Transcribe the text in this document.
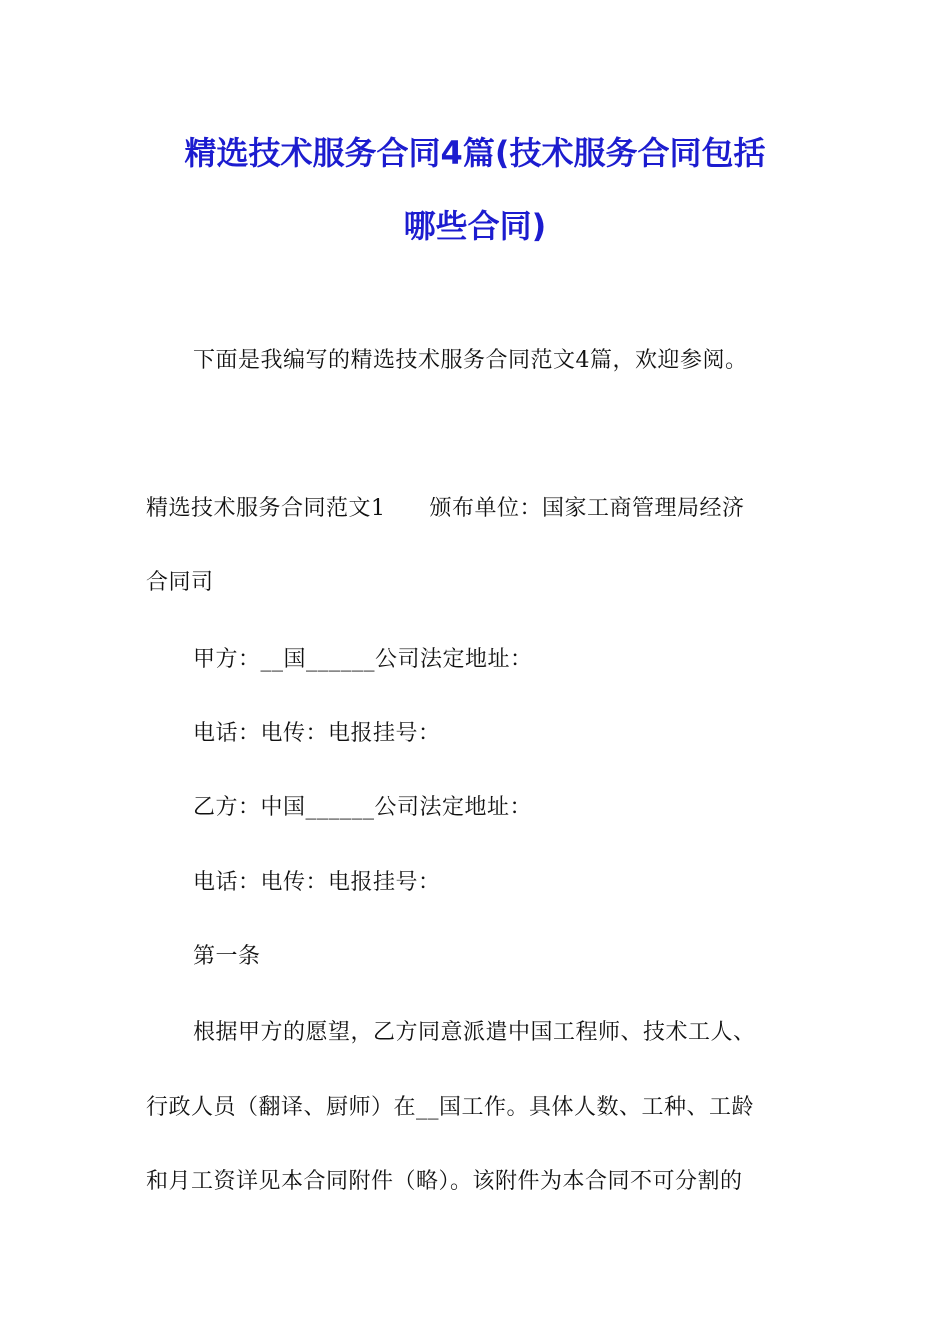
精选技术服务合同4篇(技术服务合同包括
哪些合同)

下面是我编写的精选技术服务合同范文4篇，欢迎参阅。

精选技术服务合同范文1 颁布单位：国家工商管理局经济

合同司

甲方：__国______公司法定地址：

电话：电传：电报挂号：

乙方：中国______公司法定地址：

电话：电传：电报挂号：

第一条

根据甲方的愿望，乙方同意派遣中国工程师、技术工人、

行政人员（翻译、厨师）在__国工作。具体人数、工种、工龄

和月工资详见本合同附件（略）。该附件为本合同不可分割的
